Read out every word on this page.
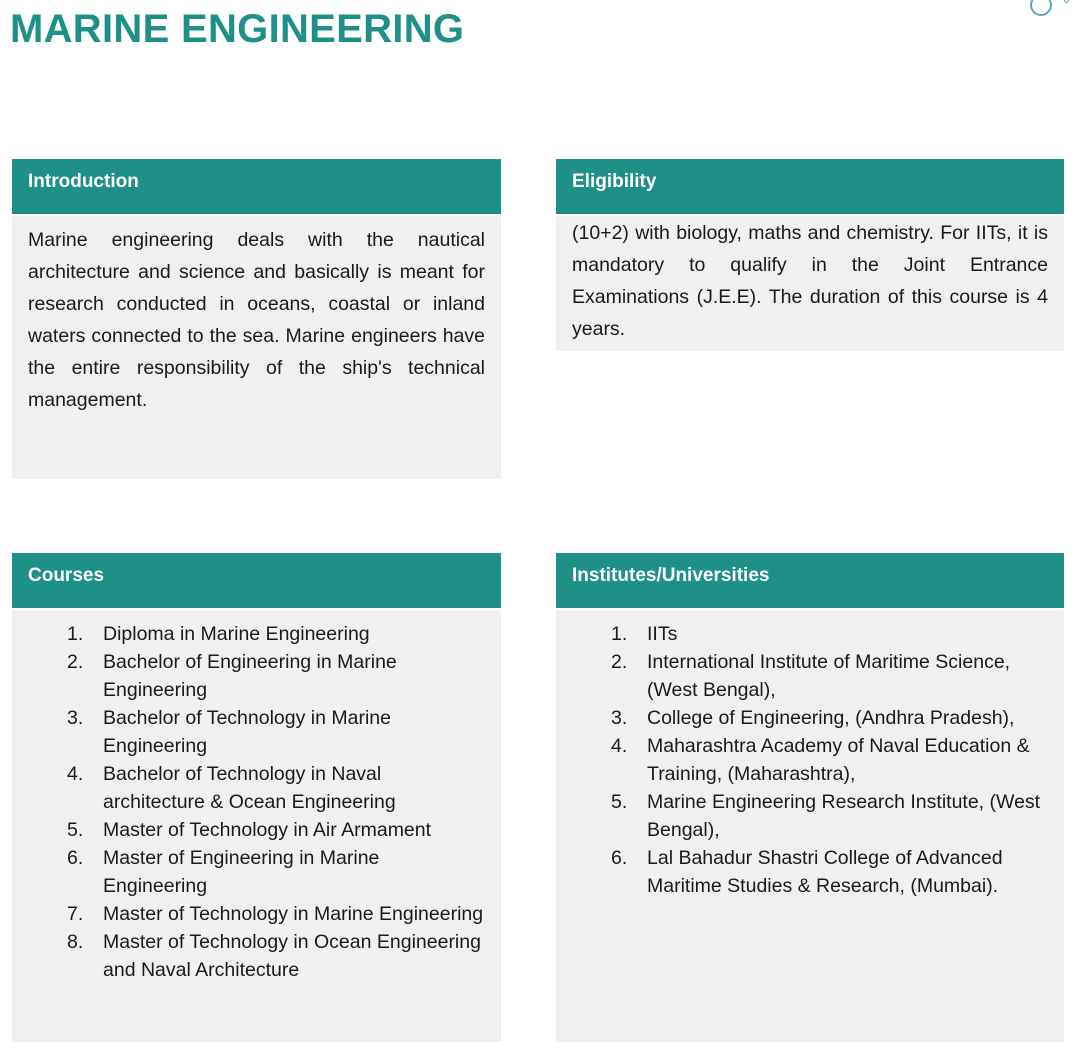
MARINE ENGINEERING
Introduction

Marine engineering deals with the nautical architecture and science and basically is meant for research conducted in oceans, coastal or inland waters connected to the sea. Marine engineers have the entire responsibility of the ship's technical management.

Eligibility

(10+2) with biology, maths and chemistry. For IITs, it is mandatory to qualify in the Joint Entrance Examinations (J.E.E). The duration of this course is 4 years.

Courses
1.	Diploma in Marine Engineering
2.	Bachelor of Engineering in Marine Engineering
3.	Bachelor of Technology in Marine Engineering
4.	Bachelor of Technology in Naval architecture & Ocean Engineering
5.	Master of Technology in Air Armament
6.	Master of Engineering in Marine Engineering
7.	Master of Technology in Marine Engineering
8.	Master of Technology in Ocean Engineering and Naval Architecture
Institutes/Universities
1.	IITs
2.	International Institute of Maritime Science, (West Bengal),
3.	College of Engineering, (Andhra Pradesh),
4.	Maharashtra Academy of Naval Education & Training, (Maharashtra),
5.	Marine Engineering Research Institute, (West Bengal),
6.	Lal Bahadur Shastri College of Advanced Maritime Studies & Research, (Mumbai).
